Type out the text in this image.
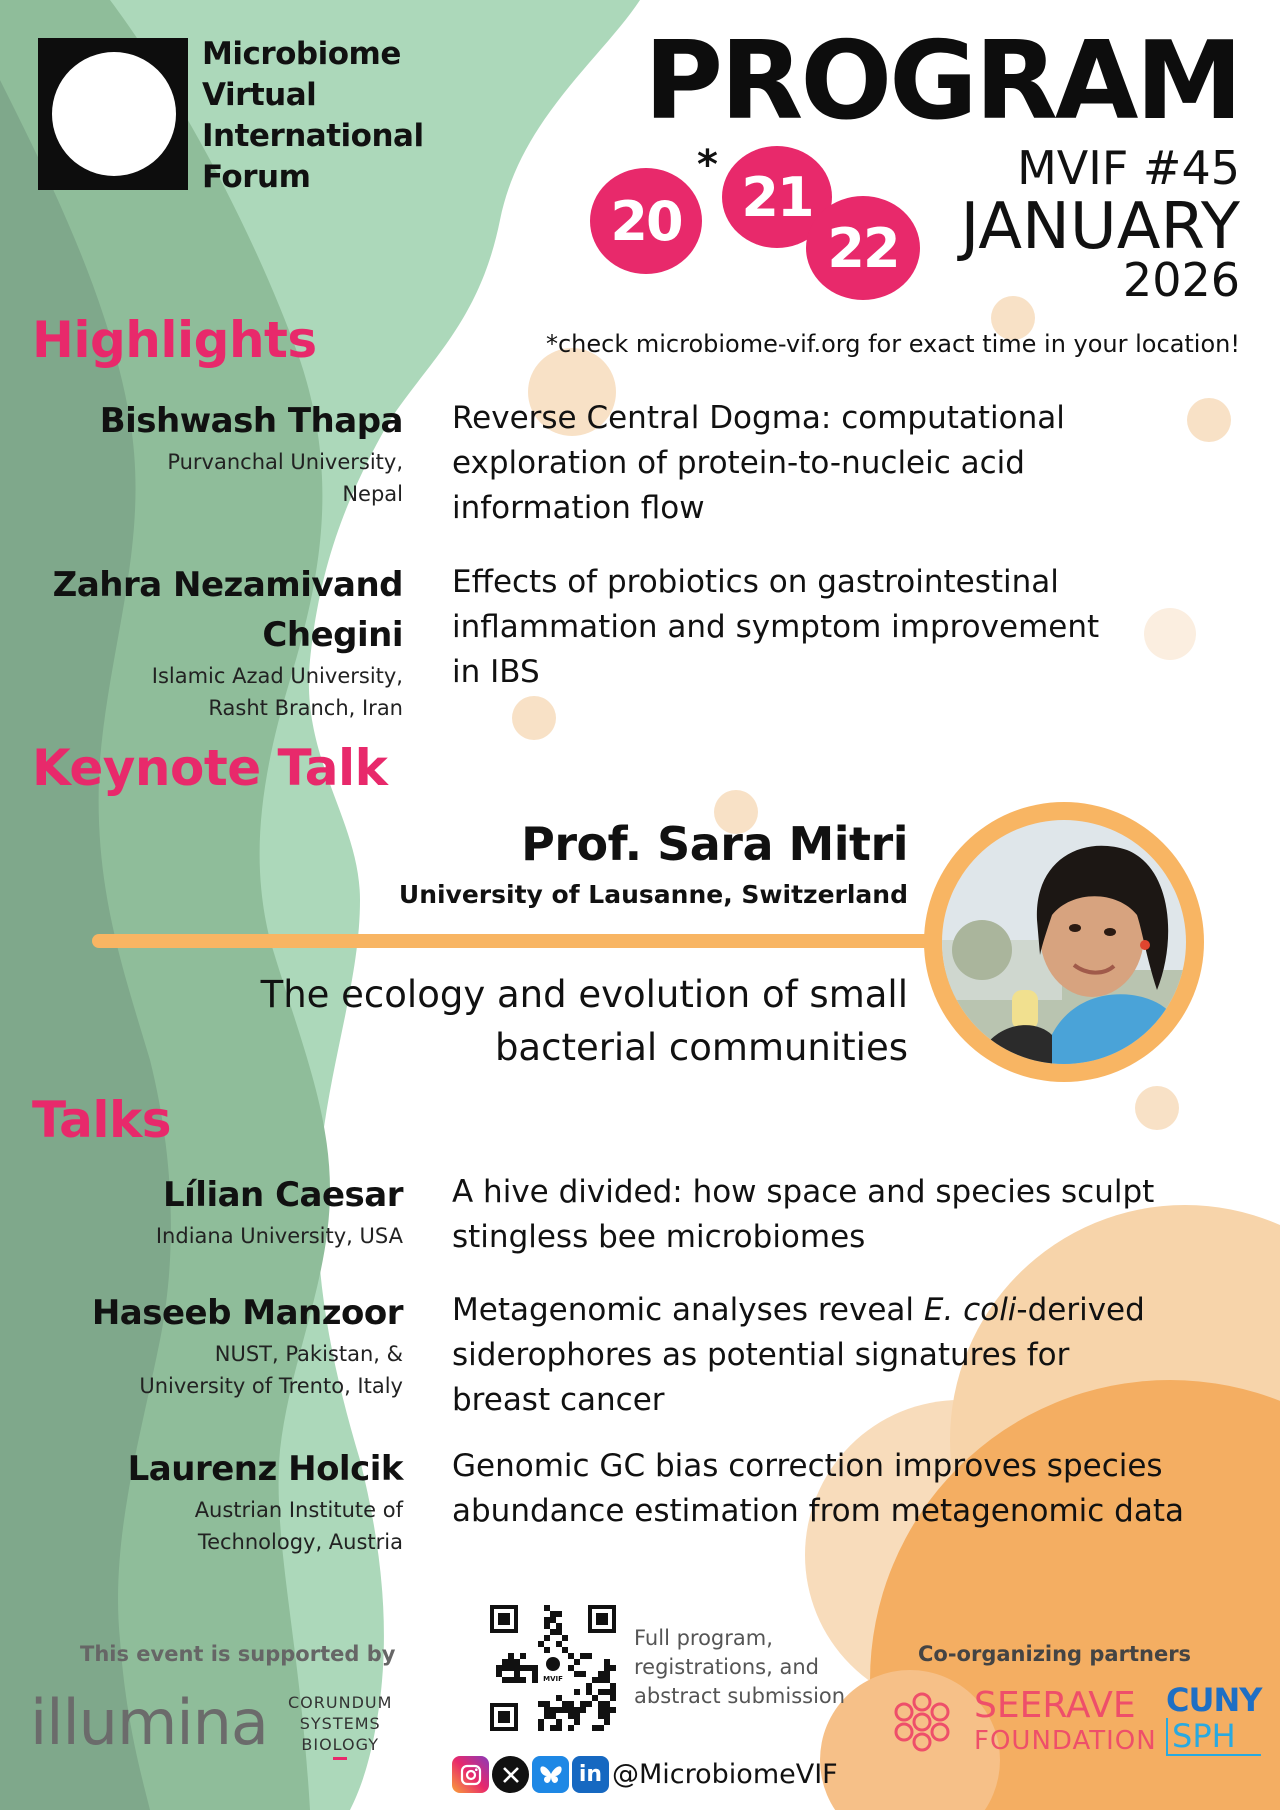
Microbiome
Virtual
International
Forum
PROGRAM
MVIF #45
20	21
22
*
JANUARY
2026
*check microbiome-vif.org for exact time in your location!
Highlights
Bishwash Thapa
Purvanchal University,
Nepal
Reverse Central Dogma: computational
exploration of protein-to-nucleic acid
information flow
Zahra Nezamivand
Chegini
Islamic Azad University,
Rasht Branch, Iran
Effects of probiotics on gastrointestinal
inflammation and symptom improvement
in IBS
Keynote Talk
Prof. Sara Mitri
University of Lausanne, Switzerland
The ecology and evolution of small
bacterial communities
Talks
Lílian Caesar
Indiana University, USA
A hive divided: how space and species sculpt
stingless bee microbiomes
Haseeb Manzoor
NUST, Pakistan, &
University of Trento, Italy
Metagenomic analyses reveal E. coli-derived
siderophores as potential signatures for
breast cancer
Laurenz Holcik
Austrian Institute of
Technology, Austria
Genomic GC bias correction improves species
abundance estimation from metagenomic data
This event is supported by
illumina CORUNDUM
SYSTEMS
BIOLOGY
MVIF
Full program,
registrations, and
abstract submission
in @MicrobiomeVIF
Co-organizing partners
SEERAVE
FOUNDATION
CUNY
SPH
